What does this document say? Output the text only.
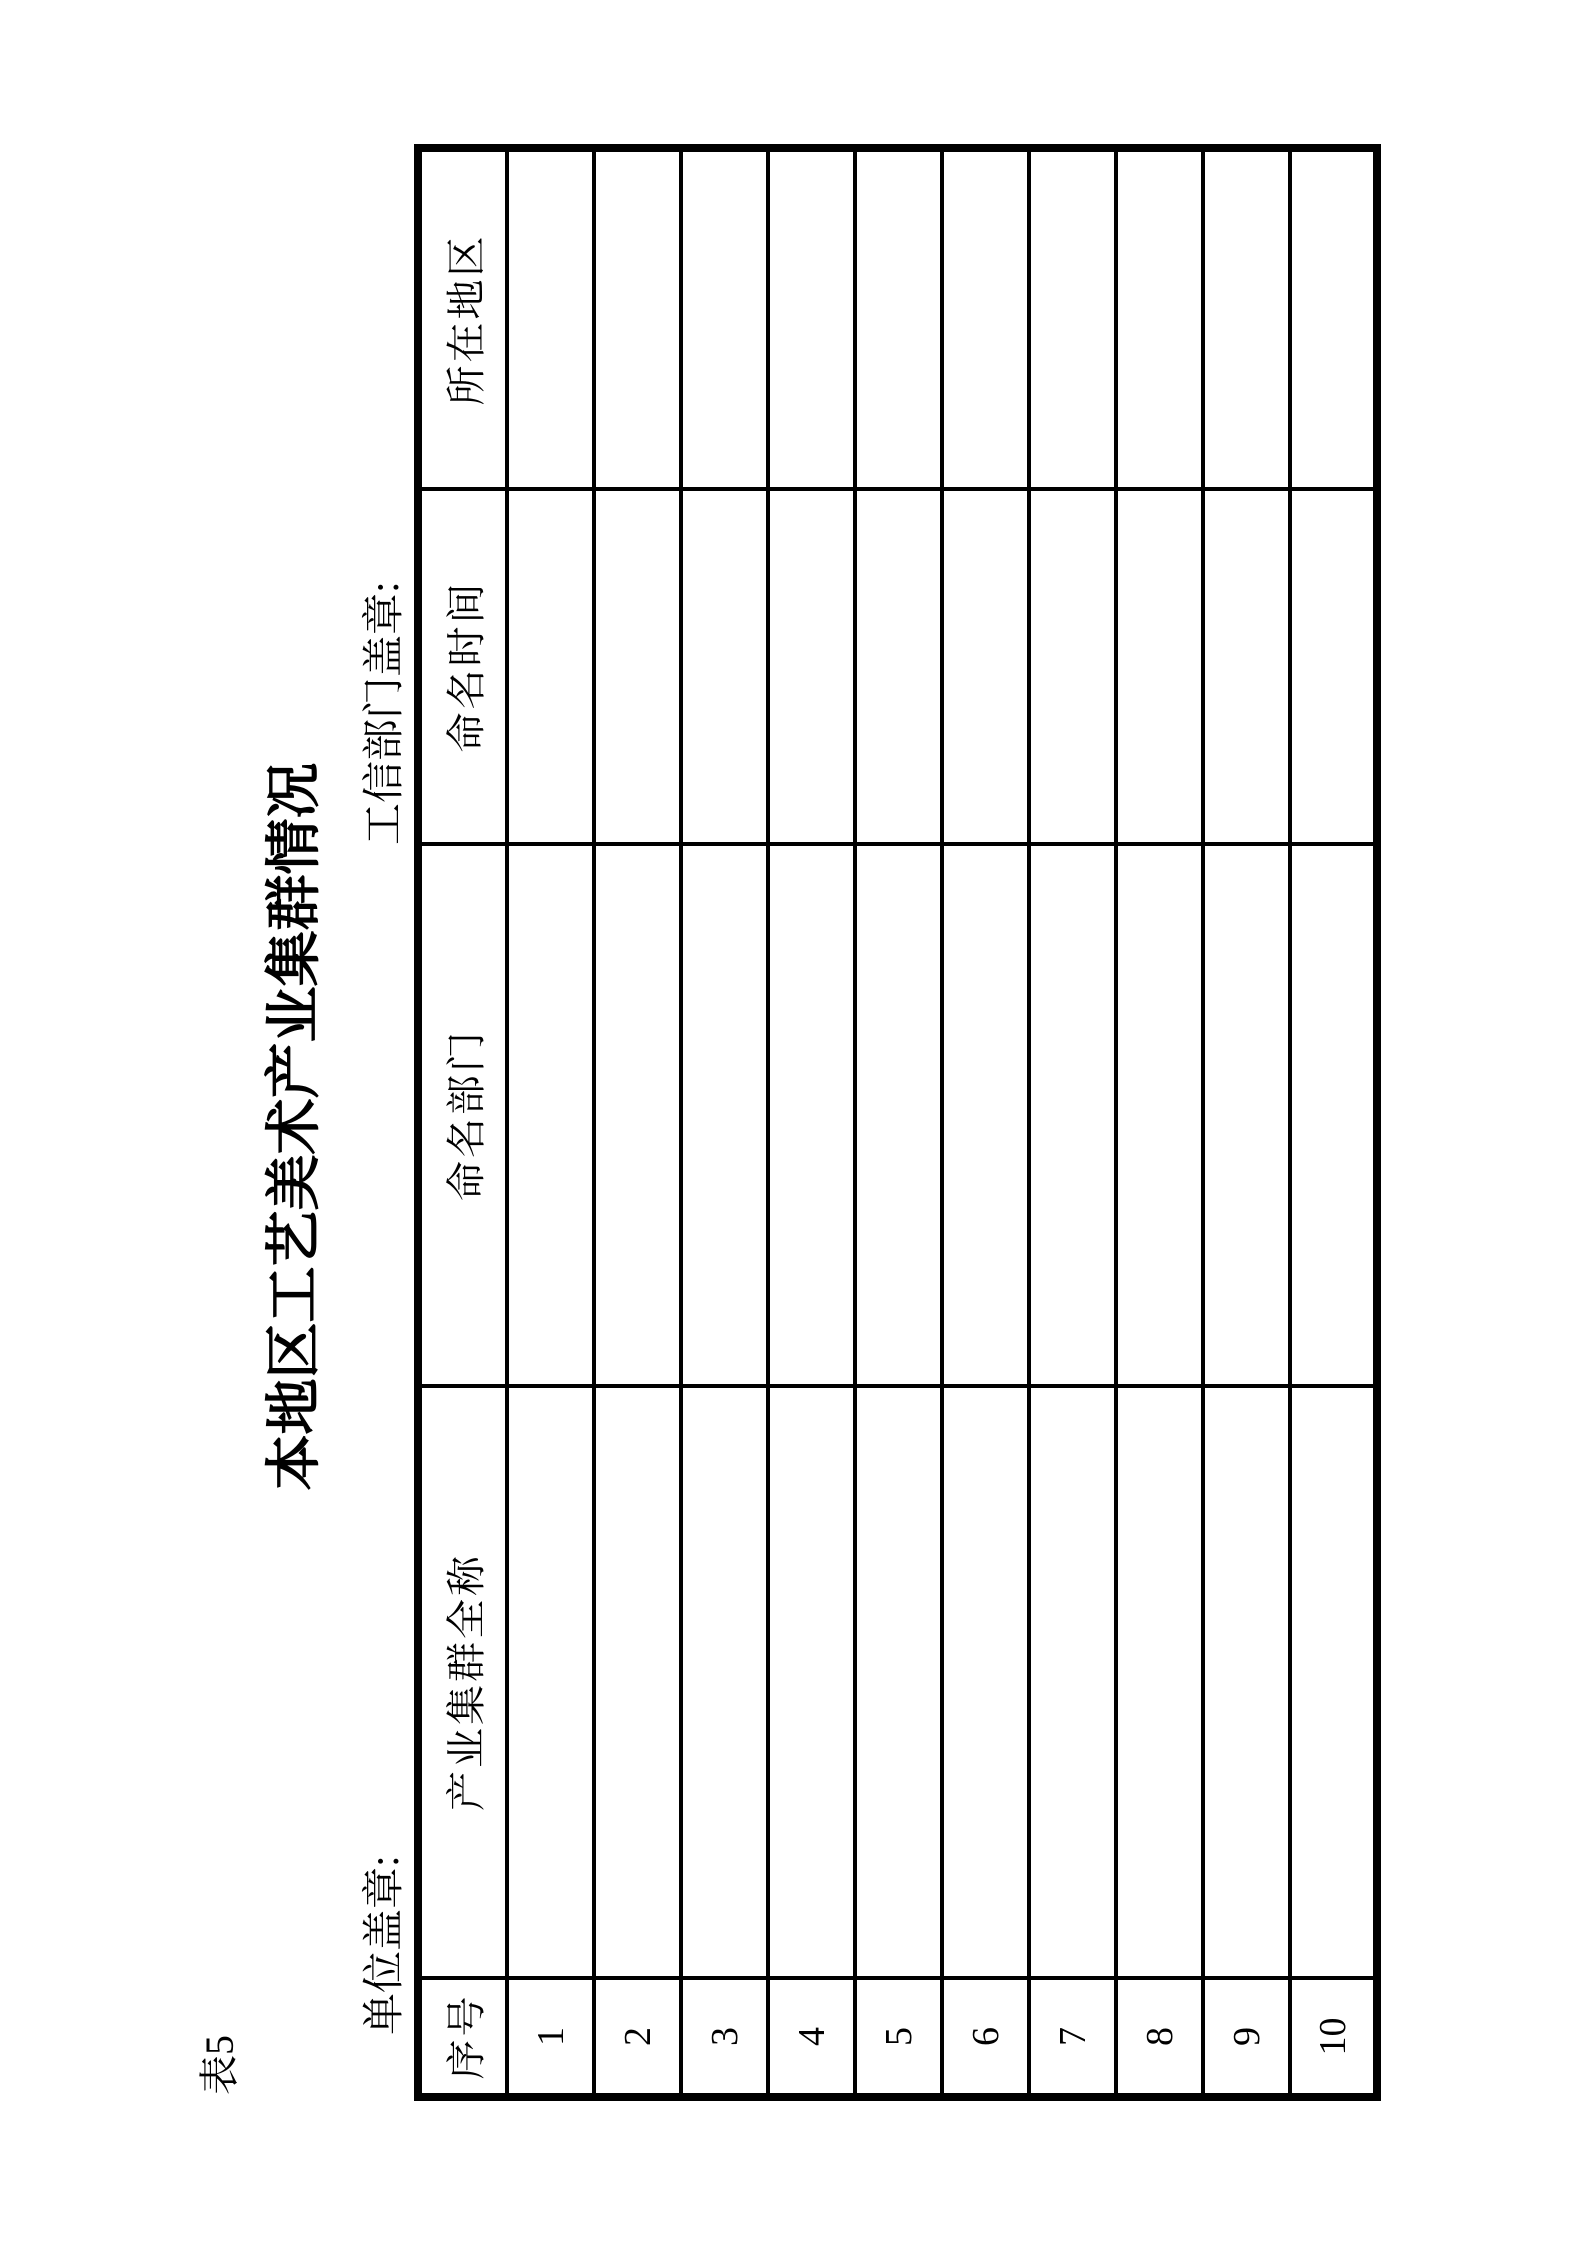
表5
本地区工艺美术产业集群情况
单位盖章:
工信部门盖章:
序号	产业集群全称	命名部门	命名时间	所在地区
1				
2				
3				
4				
5				
6				
7				
8				
9				
10				
